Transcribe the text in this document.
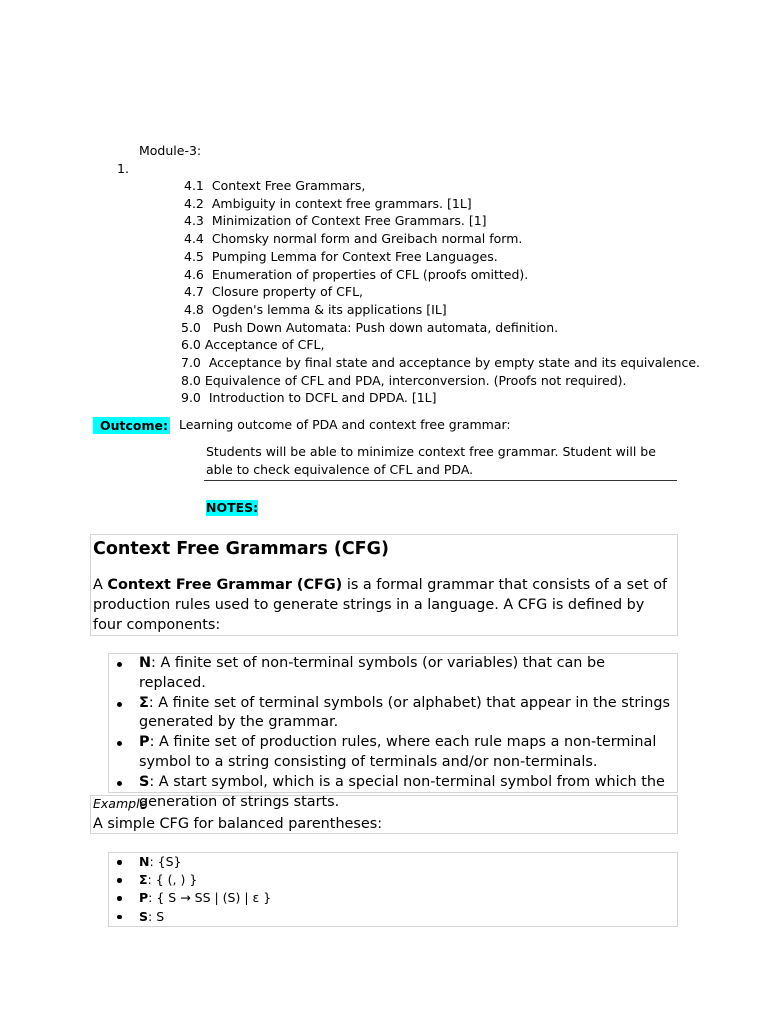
Module-3:
1.
4.1 Context Free Grammars,
4.2 Ambiguity in context free grammars. [1L]
4.3 Minimization of Context Free Grammars. [1]
4.4 Chomsky normal form and Greibach normal form.
4.5 Pumping Lemma for Context Free Languages.
4.6 Enumeration of properties of CFL (proofs omitted).
4.7 Closure property of CFL,
4.8 Ogden's lemma & its applications [IL]
5.0 Push Down Automata: Push down automata, definition.
6.0 Acceptance of CFL,
7.0 Acceptance by final state and acceptance by empty state and its equivalence.
8.0 Equivalence of CFL and PDA, interconversion. (Proofs not required).
9.0 Introduction to DCFL and DPDA. [1L]
Outcome: Learning outcome of PDA and context free grammar:
Students will be able to minimize context free grammar. Student will be able to check equivalence of CFL and PDA.
NOTES:
Context Free Grammars (CFG)
A Context Free Grammar (CFG) is a formal grammar that consists of a set of production rules used to generate strings in a language. A CFG is defined by four components:
N: A finite set of non-terminal symbols (or variables) that can be replaced.
Σ: A finite set of terminal symbols (or alphabet) that appear in the strings generated by the grammar.
P: A finite set of production rules, where each rule maps a non-terminal symbol to a string consisting of terminals and/or non-terminals.
S: A start symbol, which is a special non-terminal symbol from which the generation of strings starts.
Example
A simple CFG for balanced parentheses:
N: {S}
Σ: { (, ) }
P: { S → SS | (S) | ε }
S: S
